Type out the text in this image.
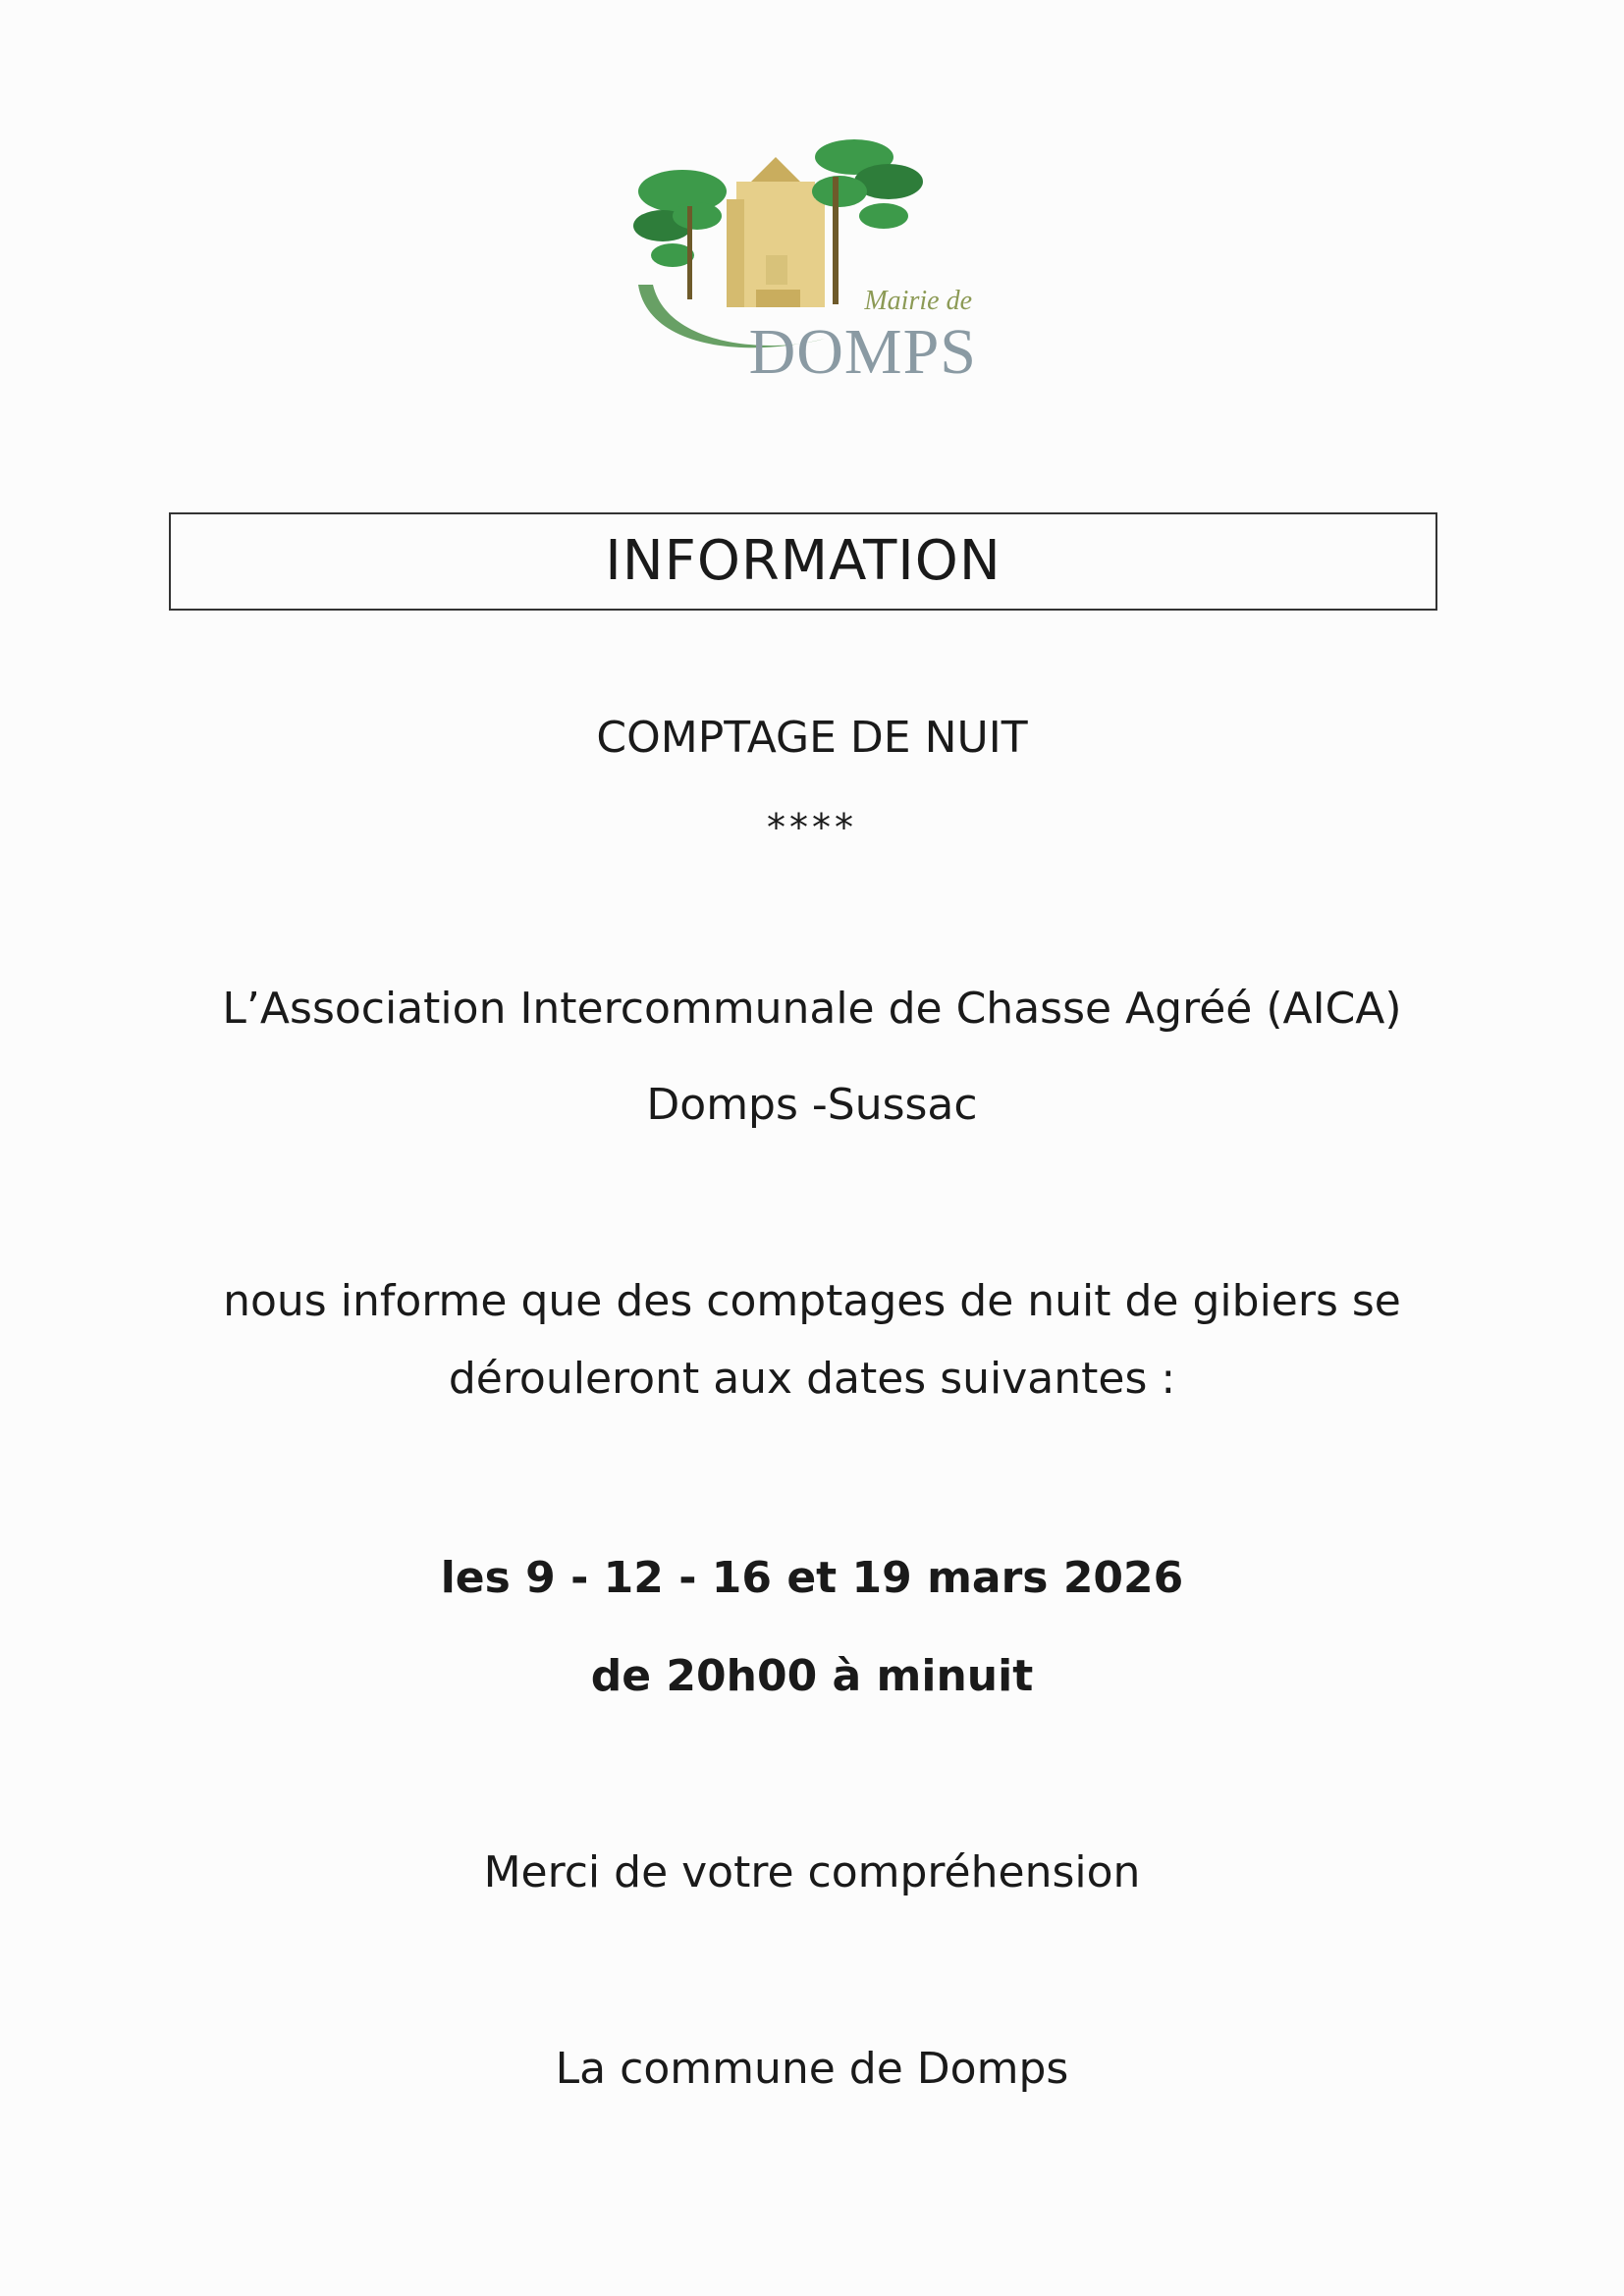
Mairie de
DOMPS
INFORMATION
COMPTAGE DE NUIT
****
L’Association Intercommunale de Chasse Agréé (AICA)
Domps -Sussac
nous informe que des comptages de nuit de gibiers se
dérouleront aux dates suivantes :
les 9 - 12 - 16 et 19 mars 2026
de 20h00 à minuit
Merci de votre compréhension
La commune de Domps
